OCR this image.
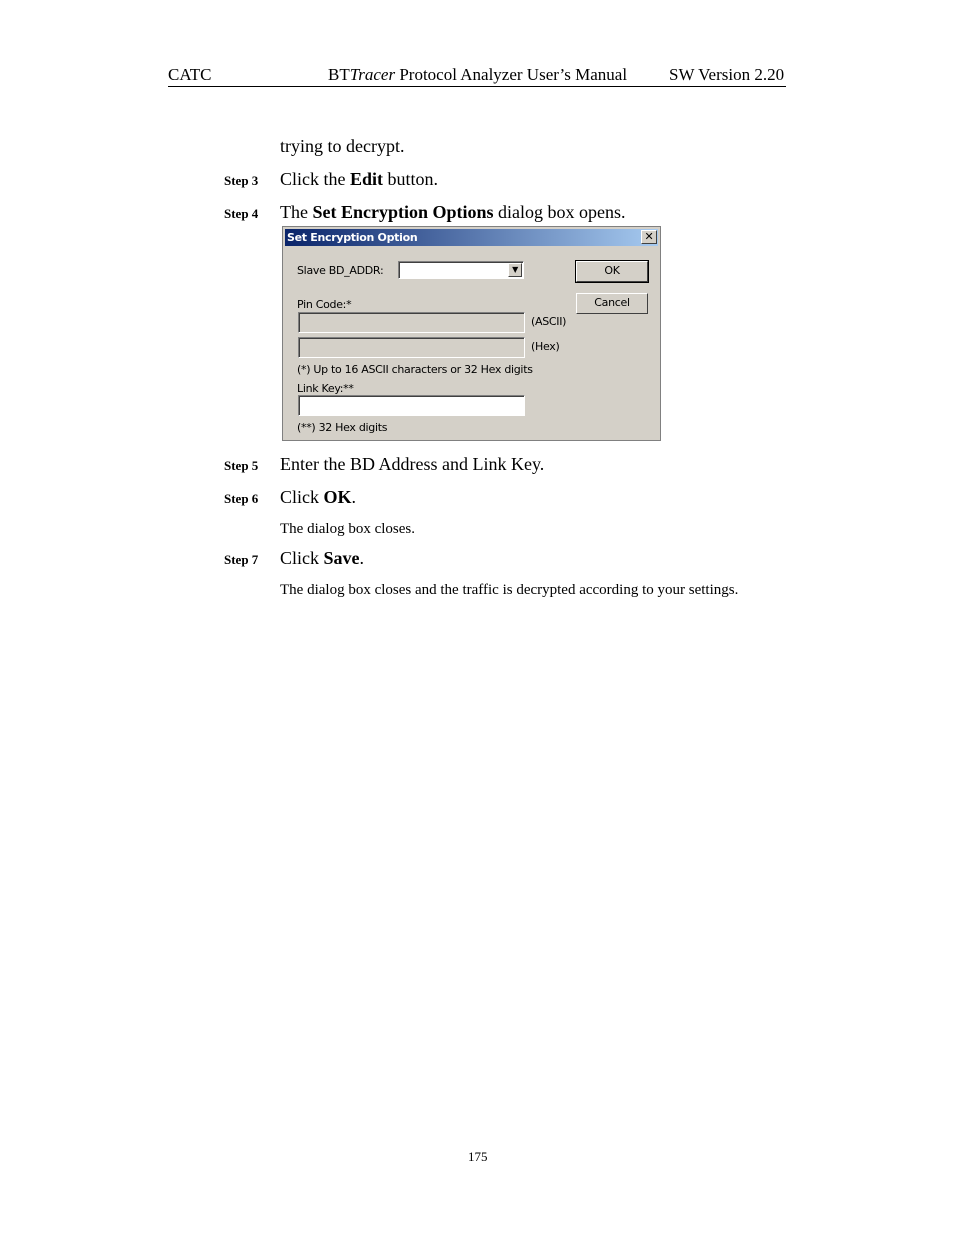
CATC	BTTracer Protocol Analyzer User’s Manual SW Version 2.20
trying to decrypt.
Step 3 Click the Edit button.
Step 4 The Set Encryption Options dialog box opens.
Set Encryption Option	✕
Slave BD_ADDR:	▼	OK
Cancel
Pin Code:*
(ASCII)
(Hex)
(*) Up to 16 ASCII characters or 32 Hex digits
Link Key:**
(**) 32 Hex digits
Step 5 Enter the BD Address and Link Key.
Step 6 Click OK.
The dialog box closes.
Step 7 Click Save.
The dialog box closes and the traffic is decrypted according to your settings.
175
